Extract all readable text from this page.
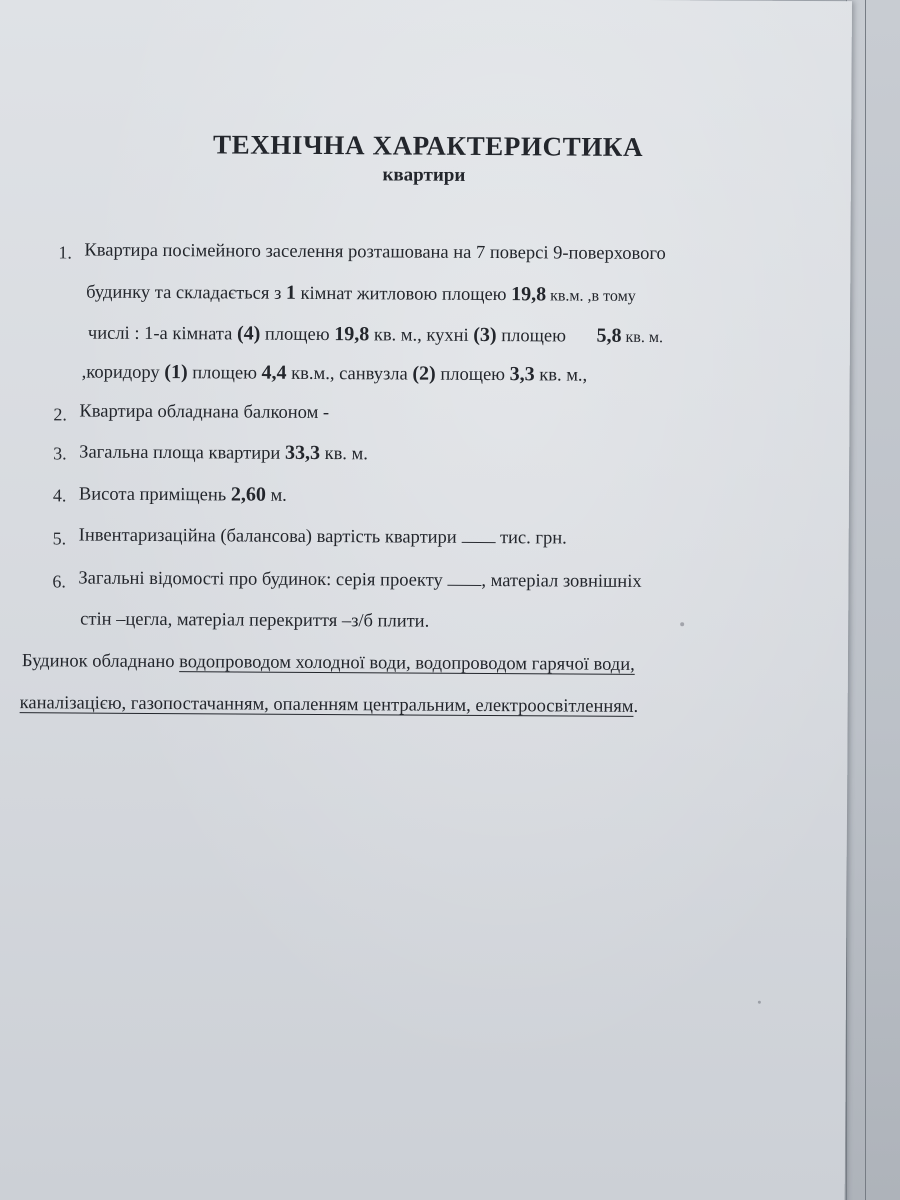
ТЕХНІЧНА ХАРАКТЕРИСТИКА
квартири
1. Квартира посімейного заселення розташована на 7 поверсі 9-поверхового
будинку та складається з 1 кімнат житловою площею 19,8 кв.м. ,в тому
числі : 1-а кімната (4) площею 19,8 кв. м., кухні (3) площею 5,8 кв. м.
,коридору (1) площею 4,4 кв.м., санвузла (2) площею 3,3 кв. м.,
2. Квартира обладнана балконом -
3. Загальна площа квартири 33,3 кв. м.
4. Висота приміщень 2,60 м.
5. Інвентаризаційна (балансова) вартість квартири  тис. грн.
6. Загальні відомості про будинок: серія проекту , матеріал зовнішніх
стін –цегла, матеріал перекриття –з/б плити.
Будинок обладнано водопроводом холодної води, водопроводом гарячої води,
каналізацією, газопостачанням, опаленням центральним, електроосвітленням.
